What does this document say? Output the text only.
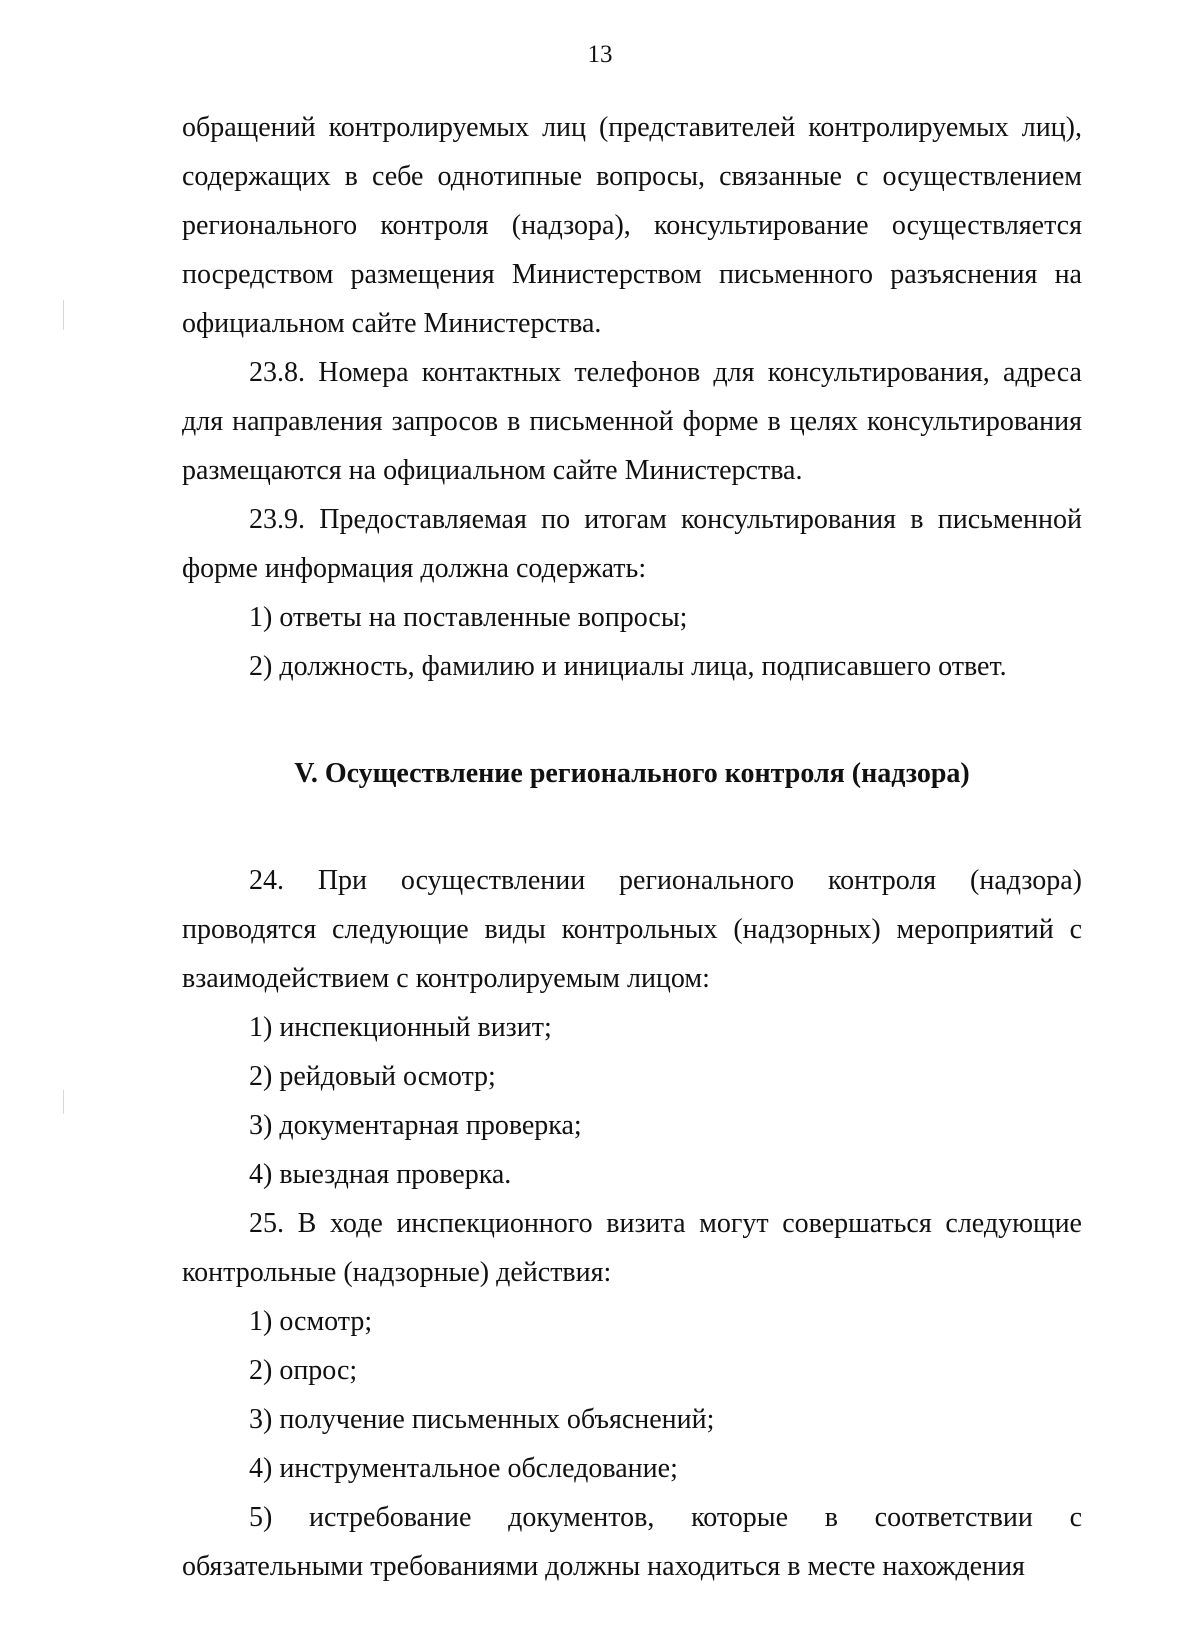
13

обращений контролируемых лиц (представителей контролируемых лиц), содержащих в себе однотипные вопросы, связанные с осуществлением регионального контроля (надзора), консультирование осуществляется посредством размещения Министерством письменного разъяснения на официальном сайте Министерства.

23.8. Номера контактных телефонов для консультирования, адреса для направления запросов в письменной форме в целях консультирования размещаются на официальном сайте Министерства.

23.9. Предоставляемая по итогам консультирования в письменной форме информация должна содержать:

1) ответы на поставленные вопросы;

2) должность, фамилию и инициалы лица, подписавшего ответ.

V. Осуществление регионального контроля (надзора)

24. При осуществлении регионального контроля (надзора) проводятся следующие виды контрольных (надзорных) мероприятий с взаимодействием с контролируемым лицом:

1) инспекционный визит;

2) рейдовый осмотр;

3) документарная проверка;

4) выездная проверка.

25. В ходе инспекционного визита могут совершаться следующие контрольные (надзорные) действия:

1) осмотр;

2) опрос;

3) получение письменных объяснений;

4) инструментальное обследование;

5) истребование документов, которые в соответствии с обязательными требованиями должны находиться в месте нахождения
